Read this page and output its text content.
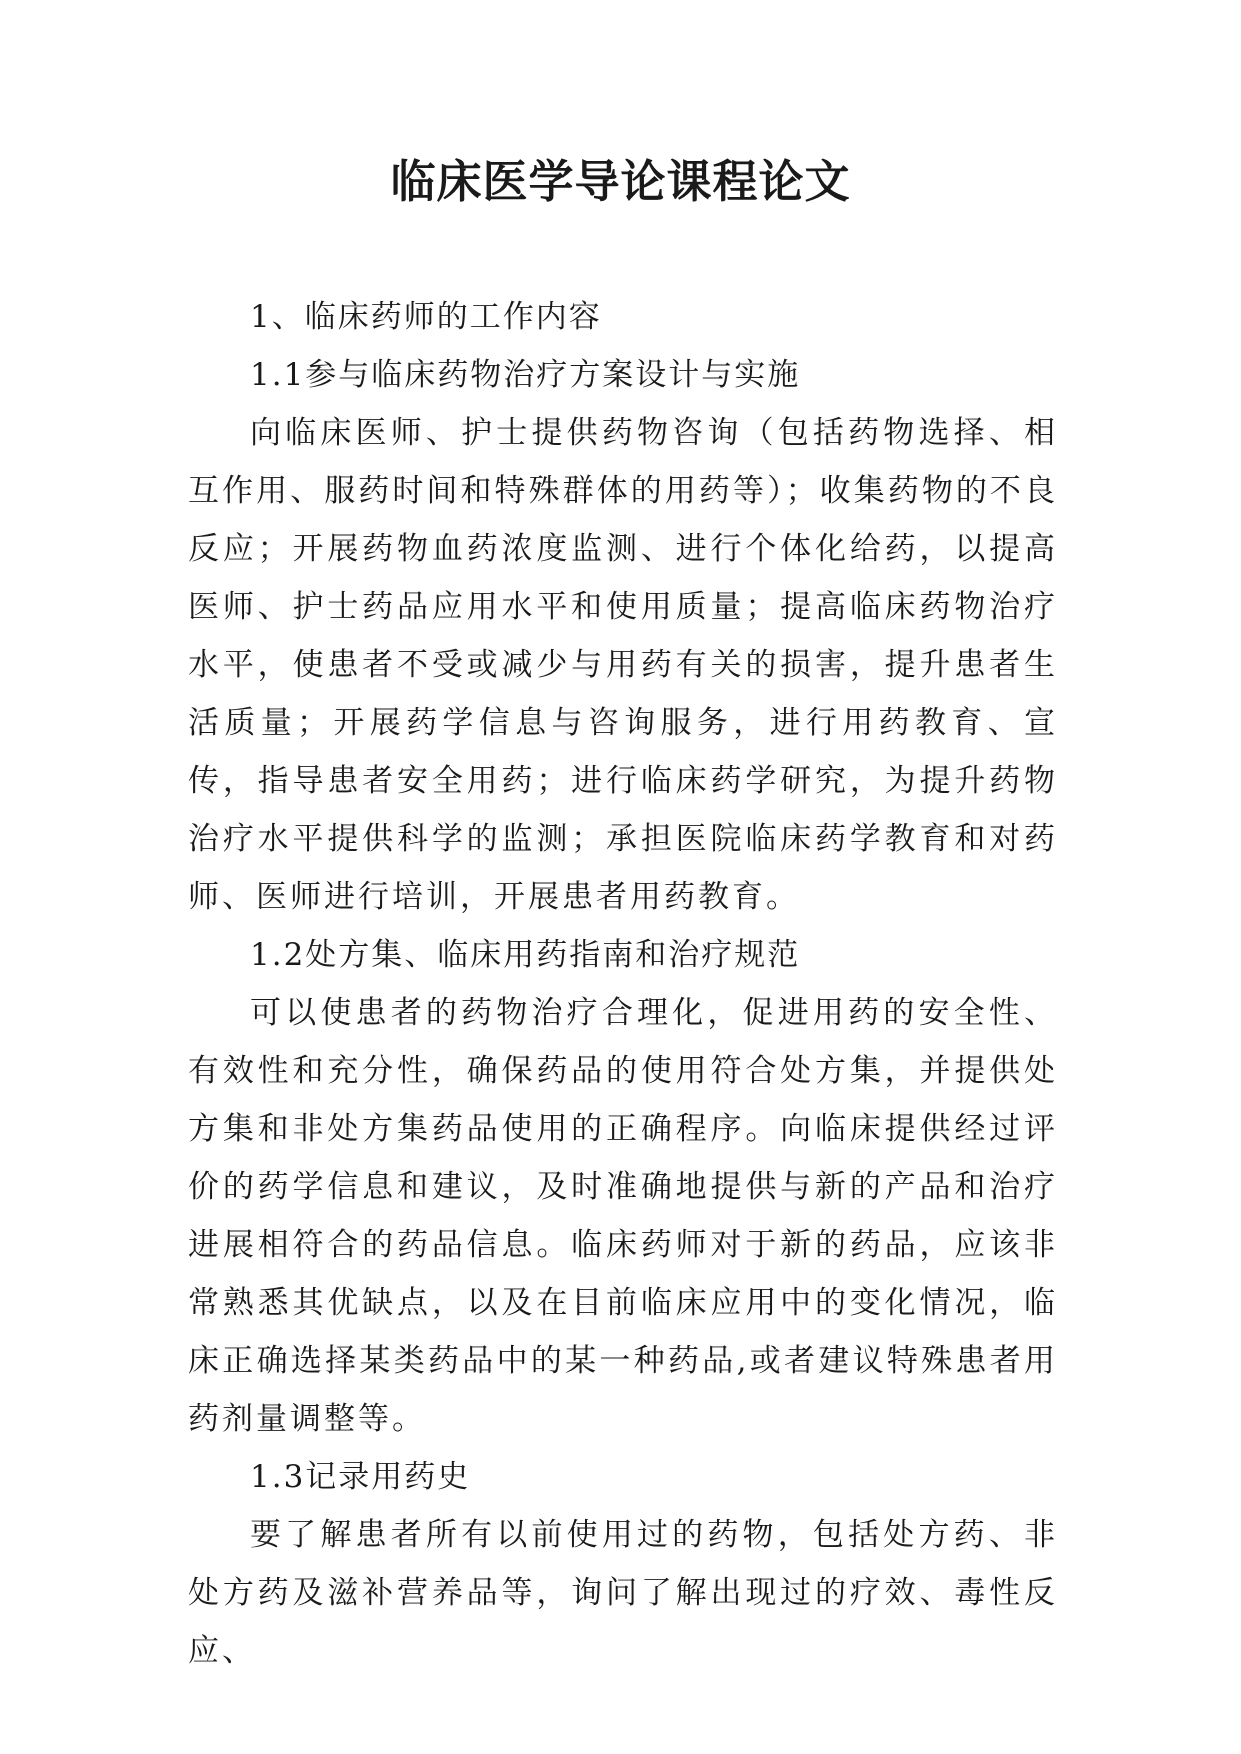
临床医学导论课程论文

1、临床药师的工作内容

1.1参与临床药物治疗方案设计与实施

向临床医师、护士提供药物咨询（包括药物选择、相互作用、服药时间和特殊群体的用药等）；收集药物的不良反应；开展药物血药浓度监测、进行个体化给药，以提高医师、护士药品应用水平和使用质量；提高临床药物治疗水平，使患者不受或减少与用药有关的损害，提升患者生活质量；开展药学信息与咨询服务，进行用药教育、宣传，指导患者安全用药；进行临床药学研究，为提升药物治疗水平提供科学的监测；承担医院临床药学教育和对药师、医师进行培训，开展患者用药教育。

1.2处方集、临床用药指南和治疗规范

可以使患者的药物治疗合理化，促进用药的安全性、有效性和充分性，确保药品的使用符合处方集，并提供处方集和非处方集药品使用的正确程序。向临床提供经过评价的药学信息和建议，及时准确地提供与新的产品和治疗进展相符合的药品信息。临床药师对于新的药品，应该非常熟悉其优缺点，以及在目前临床应用中的变化情况，临床正确选择某类药品中的某一种药品,或者建议特殊患者用药剂量调整等。

1.3记录用药史

要了解患者所有以前使用过的药物，包括处方药、非处方药及滋补营养品等，询问了解出现过的疗效、毒性反应、
